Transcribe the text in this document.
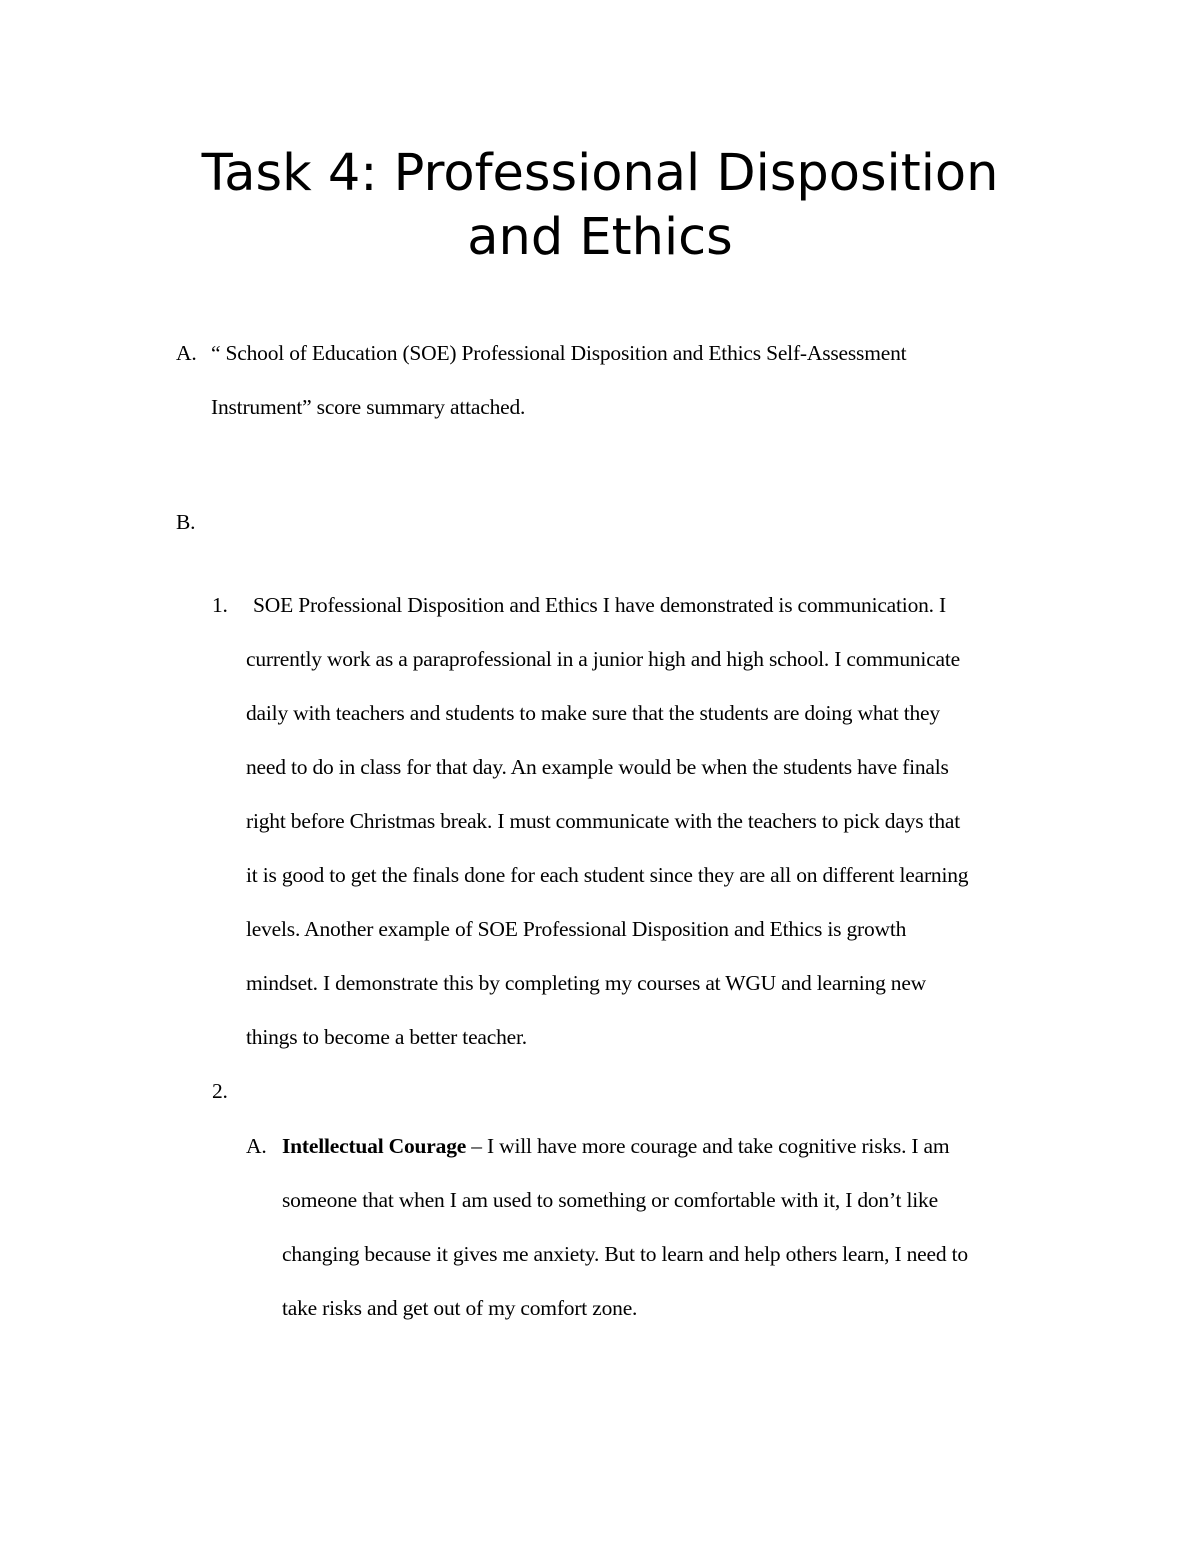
Task 4: Professional Disposition
and Ethics
A. “ School of Education (SOE) Professional Disposition and Ethics Self-Assessment
Instrument” score summary attached.
B.
1. SOE Professional Disposition and Ethics I have demonstrated is communication. I
currently work as a paraprofessional in a junior high and high school. I communicate
daily with teachers and students to make sure that the students are doing what they
need to do in class for that day. An example would be when the students have finals
right before Christmas break. I must communicate with the teachers to pick days that
it is good to get the finals done for each student since they are all on different learning
levels. Another example of SOE Professional Disposition and Ethics is growth
mindset. I demonstrate this by completing my courses at WGU and learning new
things to become a better teacher.
2.
A. Intellectual Courage – I will have more courage and take cognitive risks. I am
someone that when I am used to something or comfortable with it, I don’t like
changing because it gives me anxiety. But to learn and help others learn, I need to
take risks and get out of my comfort zone.
